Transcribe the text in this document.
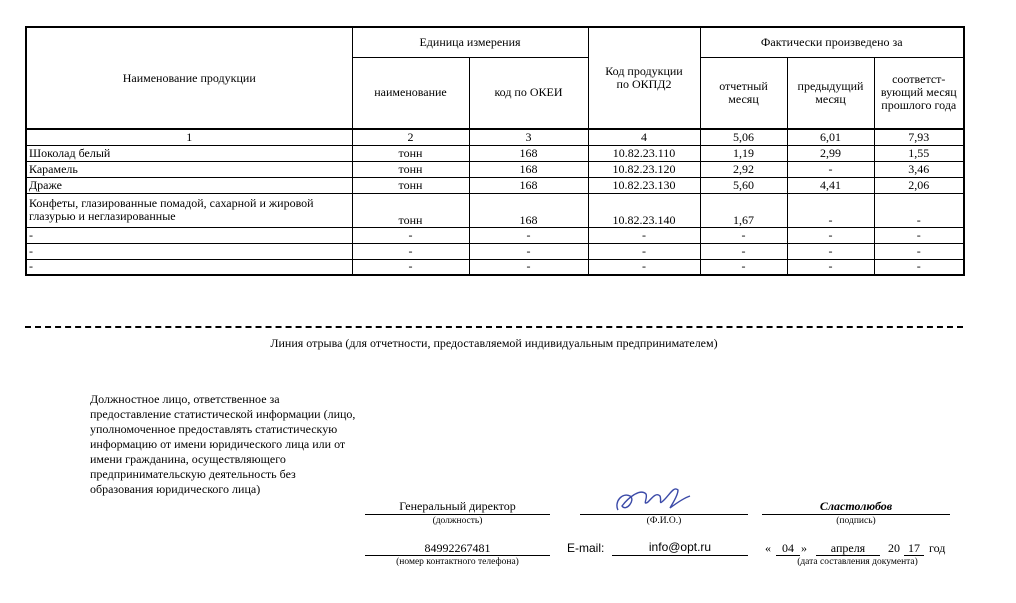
Наименование продукции	Единица измерения		Код продукции по ОКПД2	Фактически произведено за		
	наименование	код по ОКЕИ		отчетный месяц	предыдущий месяц	соответст-вующий месяц прошлого года
1	2	3	4	5,06	6,01	7,93
Шоколад белый	тонн	168	10.82.23.110	1,19	2,99	1,55
Карамель	тонн	168	10.82.23.120	2,92	-	3,46
Драже	тонн	168	10.82.23.130	5,60	4,41	2,06
Конфеты, глазированные помадой, сахарной и жировой глазурью и неглазированные	тонн	168	10.82.23.140	1,67	-	-
-	-	-	-	-	-	-
-	-	-	-	-	-	-
-	-	-	-	-	-	-
Линия отрыва (для отчетности, предоставляемой индивидуальным предпринимателем)
Должностное лицо, ответственное за предоставление статистической информации (лицо, уполномоченное предоставлять статистическую информацию от имени юридического лица или от имени гражданина, осуществляющего предпринимательскую деятельность без образования юридического лица)
Генеральный директор
(должность)	(Ф.И.О.)
Сластолюбов
(подпись)
84992267481
(номер контактного телефона)
E-mail:	info@opt.ru	« 04 »	апреля	20 17 год
(дата составления документа)
